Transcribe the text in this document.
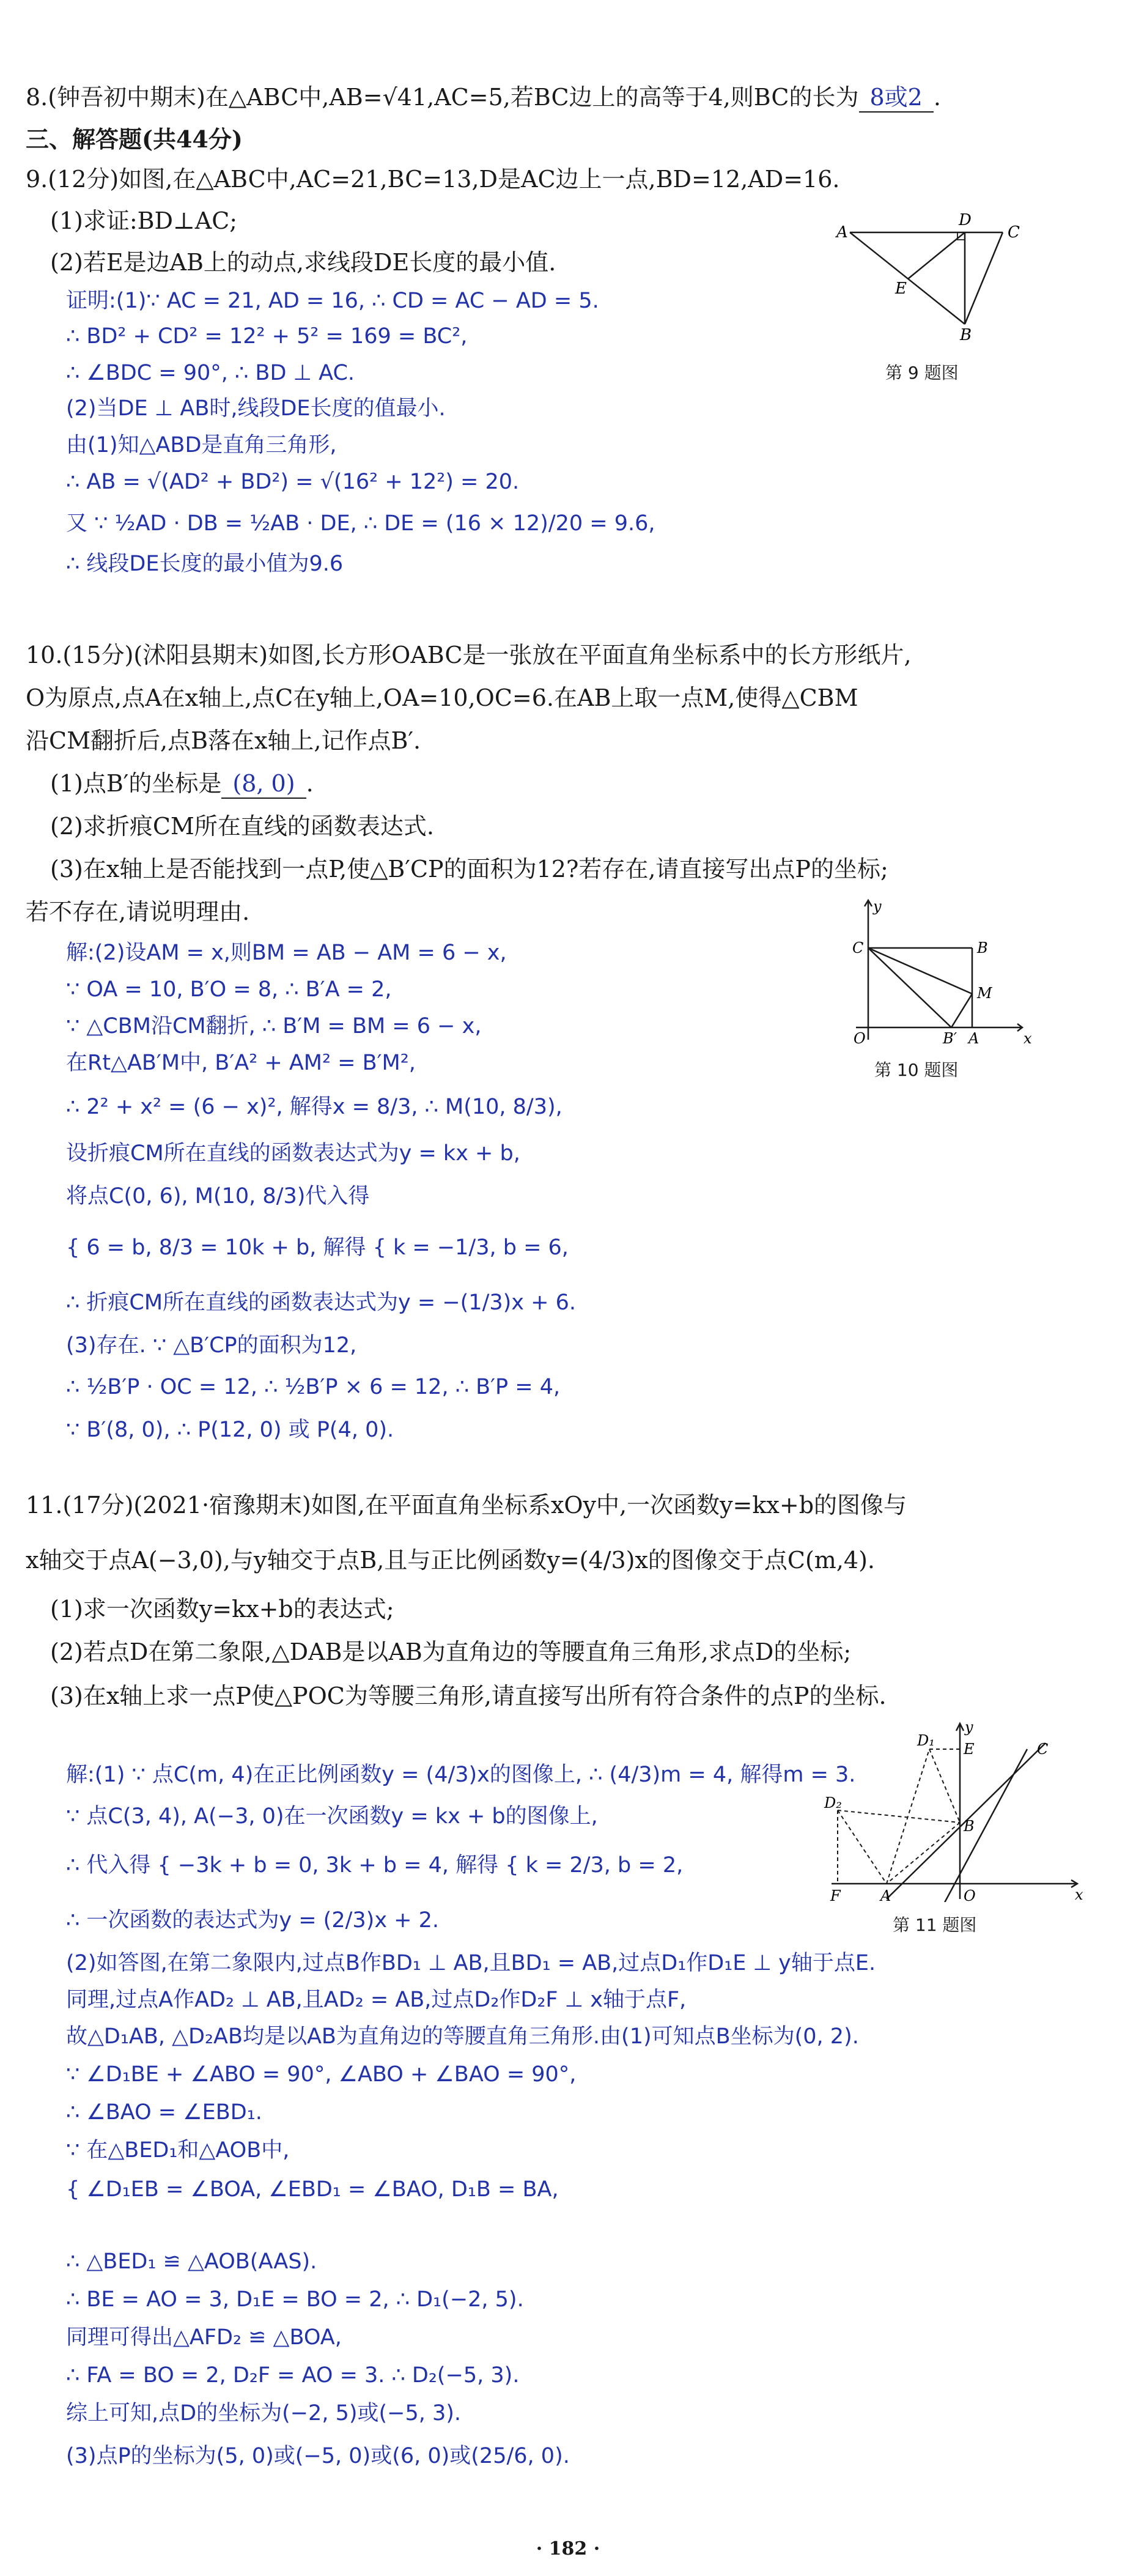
8.(钟吾初中期末)在△ABC中,AB=√41,AC=5,若BC边上的高等于4,则BC的长为 8或2 .
三、解答题(共44分)
9.(12分)如图,在△ABC中,AC=21,BC=13,D是AC边上一点,BD=12,AD=16.
(1)求证:BD⊥AC;
(2)若E是边AB上的动点,求线段DE长度的最小值.
证明:(1)∵ AC = 21, AD = 16, ∴ CD = AC − AD = 5.
∴ BD² + CD² = 12² + 5² = 169 = BC²,
∴ ∠BDC = 90°, ∴ BD ⊥ AC.
(2)当DE ⊥ AB时,线段DE长度的值最小.
由(1)知△ABD是直角三角形,
∴ AB = √(AD² + BD²) = √(16² + 12²) = 20.
又 ∵ ½AD · DB = ½AB · DE, ∴ DE = (16 × 12)/20 = 9.6,
∴ 线段DE长度的最小值为9.6
A
D
C
E
B
第 9 题图
10.(15分)(沭阳县期末)如图,长方形OABC是一张放在平面直角坐标系中的长方形纸片,
O为原点,点A在x轴上,点C在y轴上,OA=10,OC=6.在AB上取一点M,使得△CBM
沿CM翻折后,点B落在x轴上,记作点B′.
(1)点B′的坐标是 (8, 0) .
(2)求折痕CM所在直线的函数表达式.
(3)在x轴上是否能找到一点P,使△B′CP的面积为12?若存在,请直接写出点P的坐标;
若不存在,请说明理由.
解:(2)设AM = x,则BM = AB − AM = 6 − x,
∵ OA = 10, B′O = 8, ∴ B′A = 2,
∵ △CBM沿CM翻折, ∴ B′M = BM = 6 − x,
在Rt△AB′M中, B′A² + AM² = B′M²,
∴ 2² + x² = (6 − x)², 解得x = 8/3, ∴ M(10, 8/3),
设折痕CM所在直线的函数表达式为y = kx + b,
将点C(0, 6), M(10, 8/3)代入得
{ 6 = b, 8/3 = 10k + b, 解得 { k = −1/3, b = 6,
∴ 折痕CM所在直线的函数表达式为y = −(1/3)x + 6.
(3)存在. ∵ △B′CP的面积为12,
∴ ½B′P · OC = 12, ∴ ½B′P × 6 = 12, ∴ B′P = 4,
∵ B′(8, 0), ∴ P(12, 0) 或 P(4, 0).
y
x
O
C	B
M
B′ A
第 10 题图
11.(17分)(2021·宿豫期末)如图,在平面直角坐标系xOy中,一次函数y=kx+b的图像与
x轴交于点A(−3,0),与y轴交于点B,且与正比例函数y=(4/3)x的图像交于点C(m,4).
(1)求一次函数y=kx+b的表达式;
(2)若点D在第二象限,△DAB是以AB为直角边的等腰直角三角形,求点D的坐标;
(3)在x轴上求一点P使△POC为等腰三角形,请直接写出所有符合条件的点P的坐标.
解:(1) ∵ 点C(m, 4)在正比例函数y = (4/3)x的图像上, ∴ (4/3)m = 4, 解得m = 3.
∵ 点C(3, 4), A(−3, 0)在一次函数y = kx + b的图像上,
∴ 代入得 { −3k + b = 0, 3k + b = 4, 解得 { k = 2/3, b = 2,
∴ 一次函数的表达式为y = (2/3)x + 2.
(2)如答图,在第二象限内,过点B作BD₁ ⊥ AB,且BD₁ = AB,过点D₁作D₁E ⊥ y轴于点E.
同理,过点A作AD₂ ⊥ AB,且AD₂ = AB,过点D₂作D₂F ⊥ x轴于点F,
故△D₁AB, △D₂AB均是以AB为直角边的等腰直角三角形.由(1)可知点B坐标为(0, 2).
∵ ∠D₁BE + ∠ABO = 90°, ∠ABO + ∠BAO = 90°,
∴ ∠BAO = ∠EBD₁.
∵ 在△BED₁和△AOB中,
{ ∠D₁EB = ∠BOA, ∠EBD₁ = ∠BAO, D₁B = BA,
∴ △BED₁ ≌ △AOB(AAS).
∴ BE = AO = 3, D₁E = BO = 2, ∴ D₁(−2, 5).
同理可得出△AFD₂ ≌ △BOA,
∴ FA = BO = 2, D₂F = AO = 3. ∴ D₂(−5, 3).
综上可知,点D的坐标为(−2, 5)或(−5, 3).
(3)点P的坐标为(5, 0)或(−5, 0)或(6, 0)或(25/6, 0).
y
x
O
A
B
C
D₁
D₂
E
F
第 11 题图
· 182 ·
